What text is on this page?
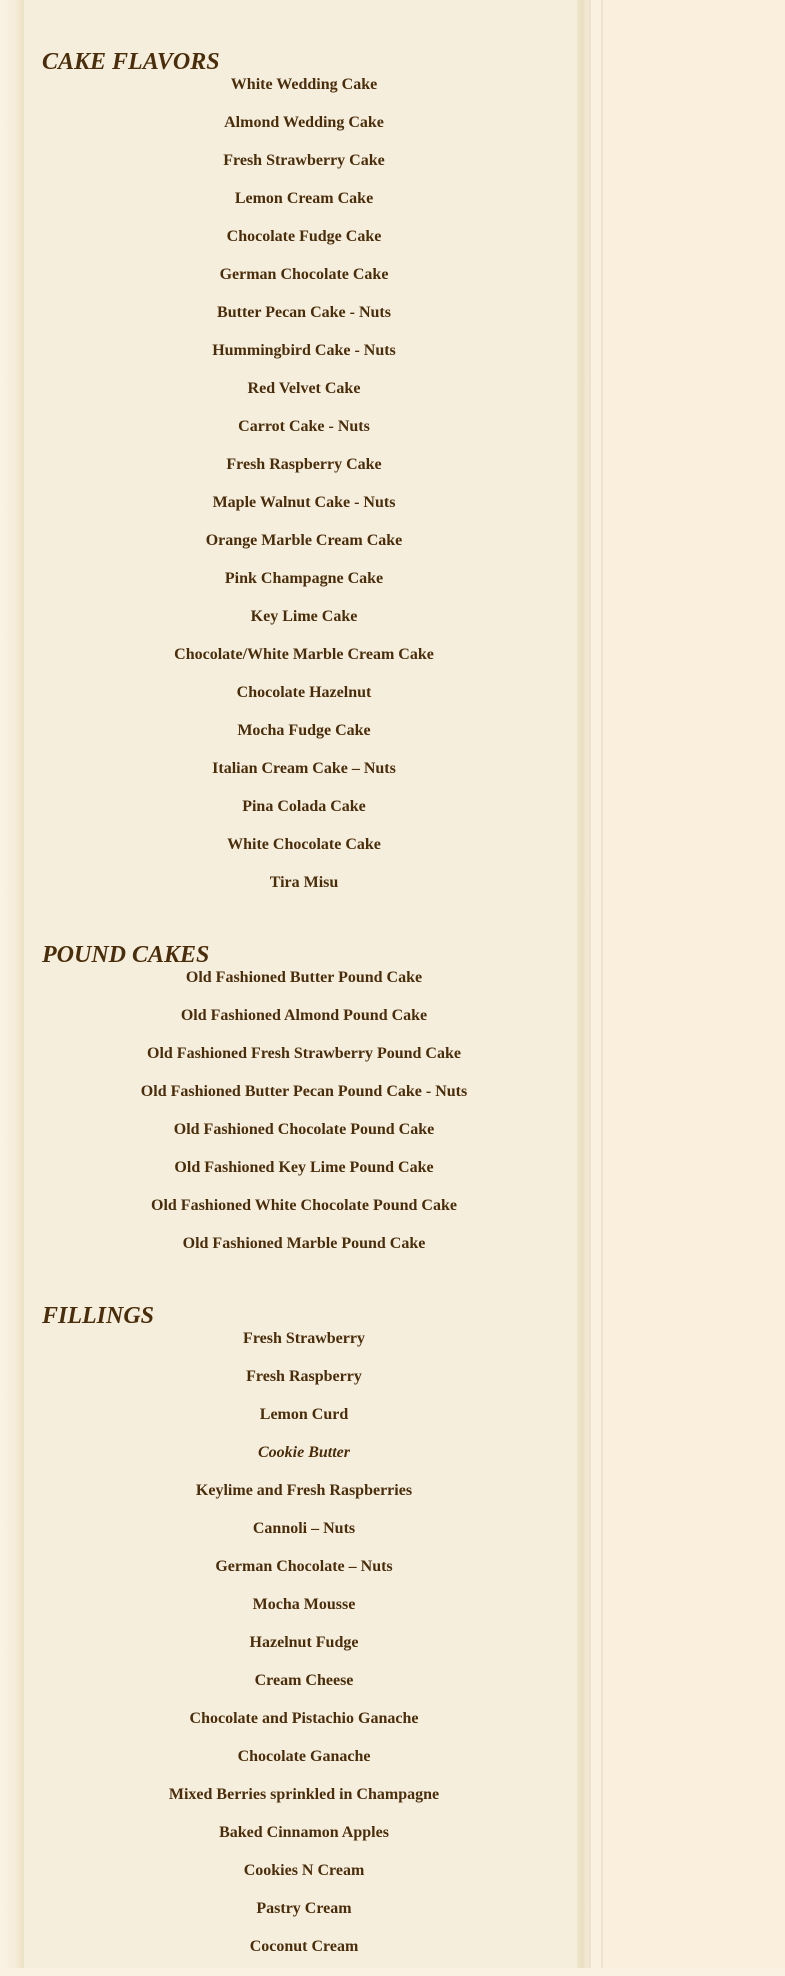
CAKE FLAVORS
White Wedding Cake
Almond Wedding Cake
Fresh Strawberry Cake
Lemon Cream Cake
Chocolate Fudge Cake
German Chocolate Cake
Butter Pecan Cake - Nuts
Hummingbird Cake - Nuts
Red Velvet Cake
Carrot Cake - Nuts
Fresh Raspberry Cake
Maple Walnut Cake - Nuts
Orange Marble Cream Cake
Pink Champagne Cake
Key Lime Cake
Chocolate/White Marble Cream Cake
Chocolate Hazelnut
Mocha Fudge Cake
Italian Cream Cake – Nuts
Pina Colada Cake
White Chocolate Cake
Tira Misu
POUND CAKES
Old Fashioned Butter Pound Cake
Old Fashioned Almond Pound Cake
Old Fashioned Fresh Strawberry Pound Cake
Old Fashioned Butter Pecan Pound Cake - Nuts
Old Fashioned Chocolate Pound Cake
Old Fashioned Key Lime Pound Cake
Old Fashioned White Chocolate Pound Cake
Old Fashioned Marble Pound Cake
FILLINGS
Fresh Strawberry
Fresh Raspberry
Lemon Curd
Cookie Butter
Keylime and Fresh Raspberries
Cannoli – Nuts
German Chocolate – Nuts
Mocha Mousse
Hazelnut Fudge
Cream Cheese
Chocolate and Pistachio Ganache
Chocolate Ganache
Mixed Berries sprinkled in Champagne
Baked Cinnamon Apples
Cookies N Cream
Pastry Cream
Coconut Cream
